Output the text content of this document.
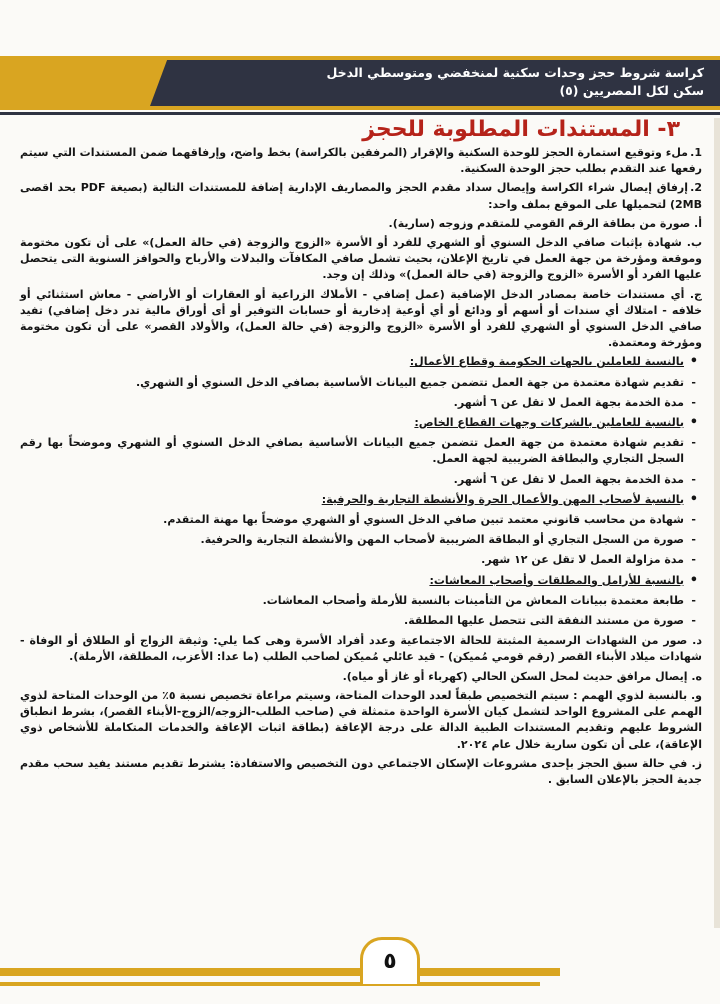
كراسة شروط حجز وحدات سكنية لمنخفضي ومتوسطي الدخل
سكن لكل المصريين (٥)
٣- المستندات المطلوبة للحجز

1.ملء وتوقيع استمارة الحجز للوحدة السكنية والإقرار (المرفقين بالكراسة) بخط واضح، وإرفاقهما ضمن المستندات التي سيتم رفعها عند التقدم بطلب حجز الوحدة السكنية.

2.إرفاق إيصال شراء الكراسة وإيصال سداد مقدم الحجز والمصاريف الإدارية إضافة للمستندات التالية (بصيغة PDF بحد اقصى 2MB) لتحميلها على الموقع بملف واحد:

أ. صورة من بطاقة الرقم القومي للمتقدم وزوجه (سارية).

ب. شهادة بإثبات صافي الدخل السنوي أو الشهري للفرد أو الأسرة «الزوج والزوجة (في حالة العمل)» على أن تكون مختومة وموقعة ومؤرخة من جهة العمل في تاريخ الإعلان، بحيث تشمل صافي المكافآت والبدلات والأرباح والحوافز السنوية التى يتحصل عليها الفرد أو الأسرة «الزوج والزوجة (في حالة العمل)» وذلك إن وجد.

ج. أي مستندات خاصة بمصادر الدخل الإضافية (عمل إضافي - الأملاك الزراعية أو العقارات أو الأراضي - معاش استثنائي أو خلافه - امتلاك أي سندات أو أسهم أو ودائع أو أي أوعية إدخارية أو حسابات التوفير أو أى أوراق مالية تدر دخل إضافي) تفيد صافي الدخل السنوي أو الشهري للفرد أو الأسرة «الزوج والزوجة (في حالة العمل)، والأولاد القصر» على أن تكون مختومة ومؤرخة ومعتمدة.

• بالنسبة للعاملين بالجهات الحكومية وقطاع الأعمال:
- تقديم شهادة معتمدة من جهة العمل تتضمن جميع البيانات الأساسية بصافي الدخل السنوي أو الشهري.
- مدة الخدمة بجهة العمل لا تقل عن ٦ أشهر.
• بالنسبة للعاملين بالشركات وجهات القطاع الخاص:
- تقديم شهادة معتمدة من جهة العمل تتضمن جميع البيانات الأساسية بصافي الدخل السنوي أو الشهري وموضحاً بها رقم السجل التجاري والبطاقة الضريبية لجهة العمل.
- مدة الخدمة بجهة العمل لا تقل عن ٦ أشهر.
• بالنسبة لأصحاب المهن والأعمال الحرة والأنشطة التجارية والحرفية:
- شهادة من محاسب قانوني معتمد تبين صافي الدخل السنوي أو الشهري موضحاً بها مهنة المتقدم.
- صورة من السجل التجاري أو البطاقة الضريبية لأصحاب المهن والأنشطة التجارية والحرفية.
- مدة مزاولة العمل لا تقل عن ١٢ شهر.
• بالنسبة للأرامل والمطلقات وأصحاب المعاشات:
- طابعة معتمدة ببيانات المعاش من التأمينات بالنسبة للأرملة وأصحاب المعاشات.
- صورة من مستند النفقة التى تتحصل عليها المطلقة.

د. صور من الشهادات الرسمية المثبتة للحالة الاجتماعية وعدد أفراد الأسرة وهى كما يلي: وثيقة الزواج أو الطلاق أو الوفاة - شهادات ميلاد الأبناء القصر (رقم قومي مُميكن) - قيد عائلي مُميكن لصاحب الطلب (ما عدا: الأعزب، المطلقة، الأرملة).

ه. إيصال مرافق حديث لمحل السكن الحالي (كهرباء أو غاز أو مياه).

و. بالنسبة لذوي الهمم : سيتم التخصيص طبقاً لعدد الوحدات المتاحة، وسيتم مراعاة تخصيص نسبة ٥٪ من الوحدات المتاحة لذوي الهمم على المشروع الواحد لتشمل كيان الأسرة الواحدة متمثلة في (صاحب الطلب-الزوجه/الزوج-الأبناء القصر)، بشرط انطباق الشروط عليهم وتقديم المستندات الطبية الدالة على درجة الإعاقة (بطاقة اثبات الإعاقة والخدمات المتكاملة للأشخاص ذوي الإعاقة)، على أن تكون سارية خلال عام ٢٠٢٤.

ز. في حالة سبق الحجز بإحدى مشروعات الإسكان الاجتماعي دون التخصيص والاستفادة: يشترط تقديم مستند يفيد سحب مقدم جدية الحجز بالإعلان السابق .

٥
